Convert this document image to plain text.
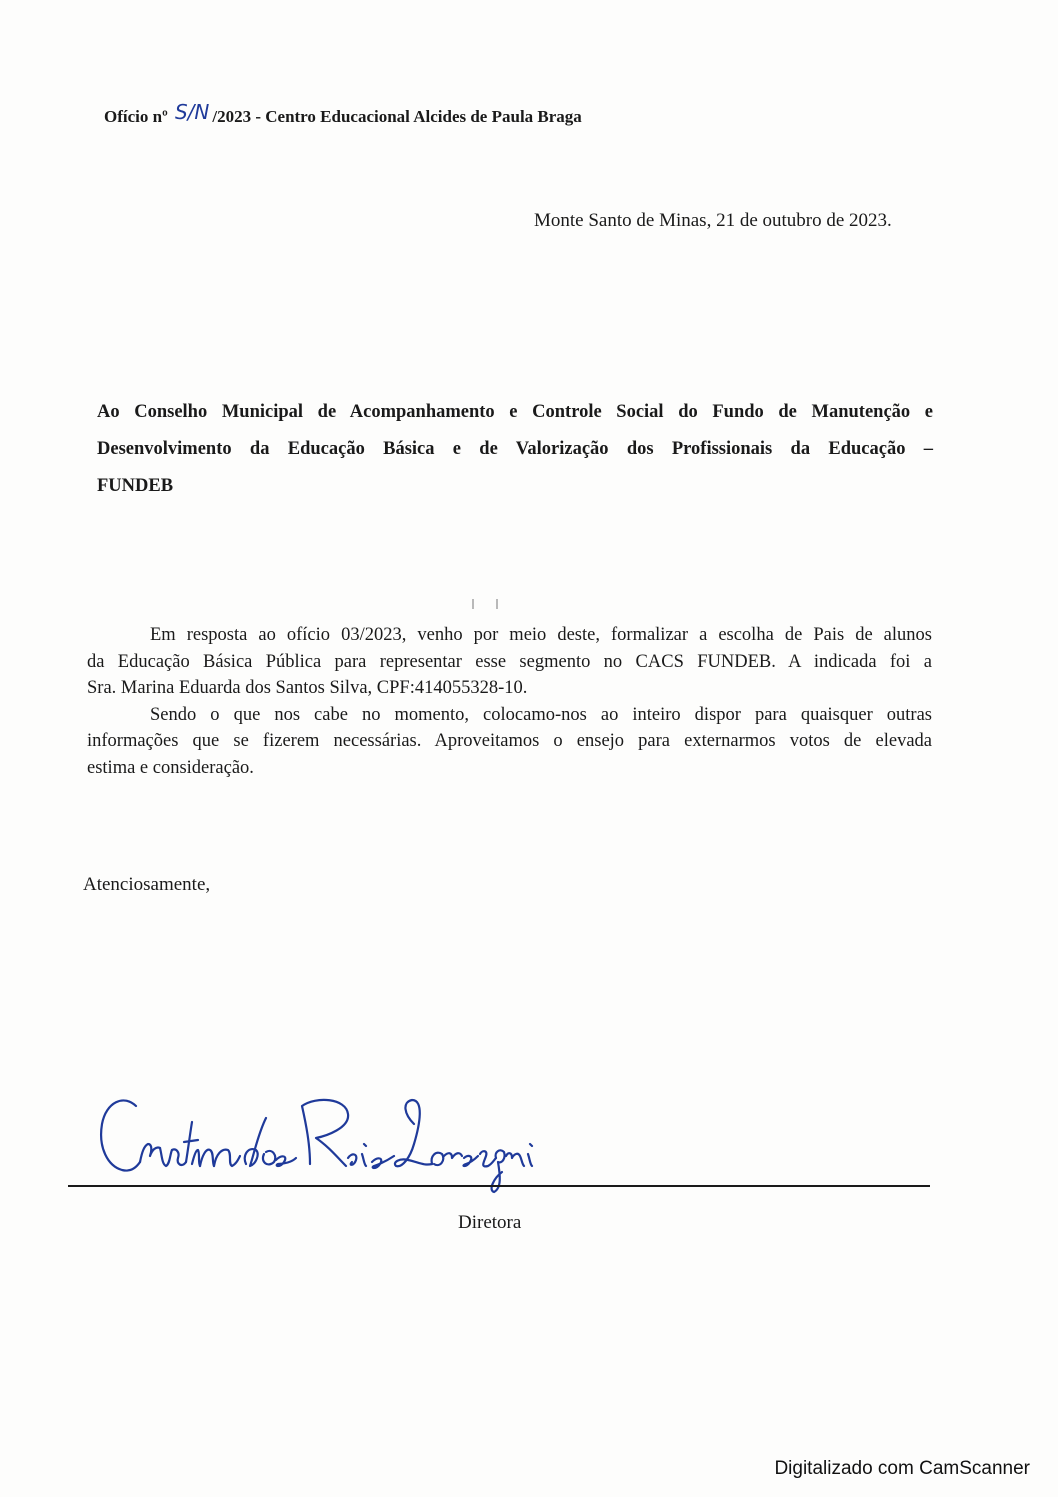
Ofício nº S/N /2023 - Centro Educacional Alcides de Paula Braga
Monte Santo de Minas, 21 de outubro de 2023.
Ao Conselho Municipal de Acompanhamento e Controle Social do Fundo de Manutenção e
Desenvolvimento da Educação Básica e de Valorização dos Profissionais da Educação –
FUNDEB
Em resposta ao ofício 03/2023, venho por meio deste, formalizar a escolha de Pais de alunos
da Educação Básica Pública para representar esse segmento no CACS FUNDEB. A indicada foi a
Sra. Marina Eduarda dos Santos Silva, CPF:414055328-10.
Sendo o que nos cabe no momento, colocamo-nos ao inteiro dispor para quaisquer outras
informações que se fizerem necessárias. Aproveitamos o ensejo para externarmos votos de elevada
estima e consideração.
Atenciosamente,
Diretora
Digitalizado com CamScanner
